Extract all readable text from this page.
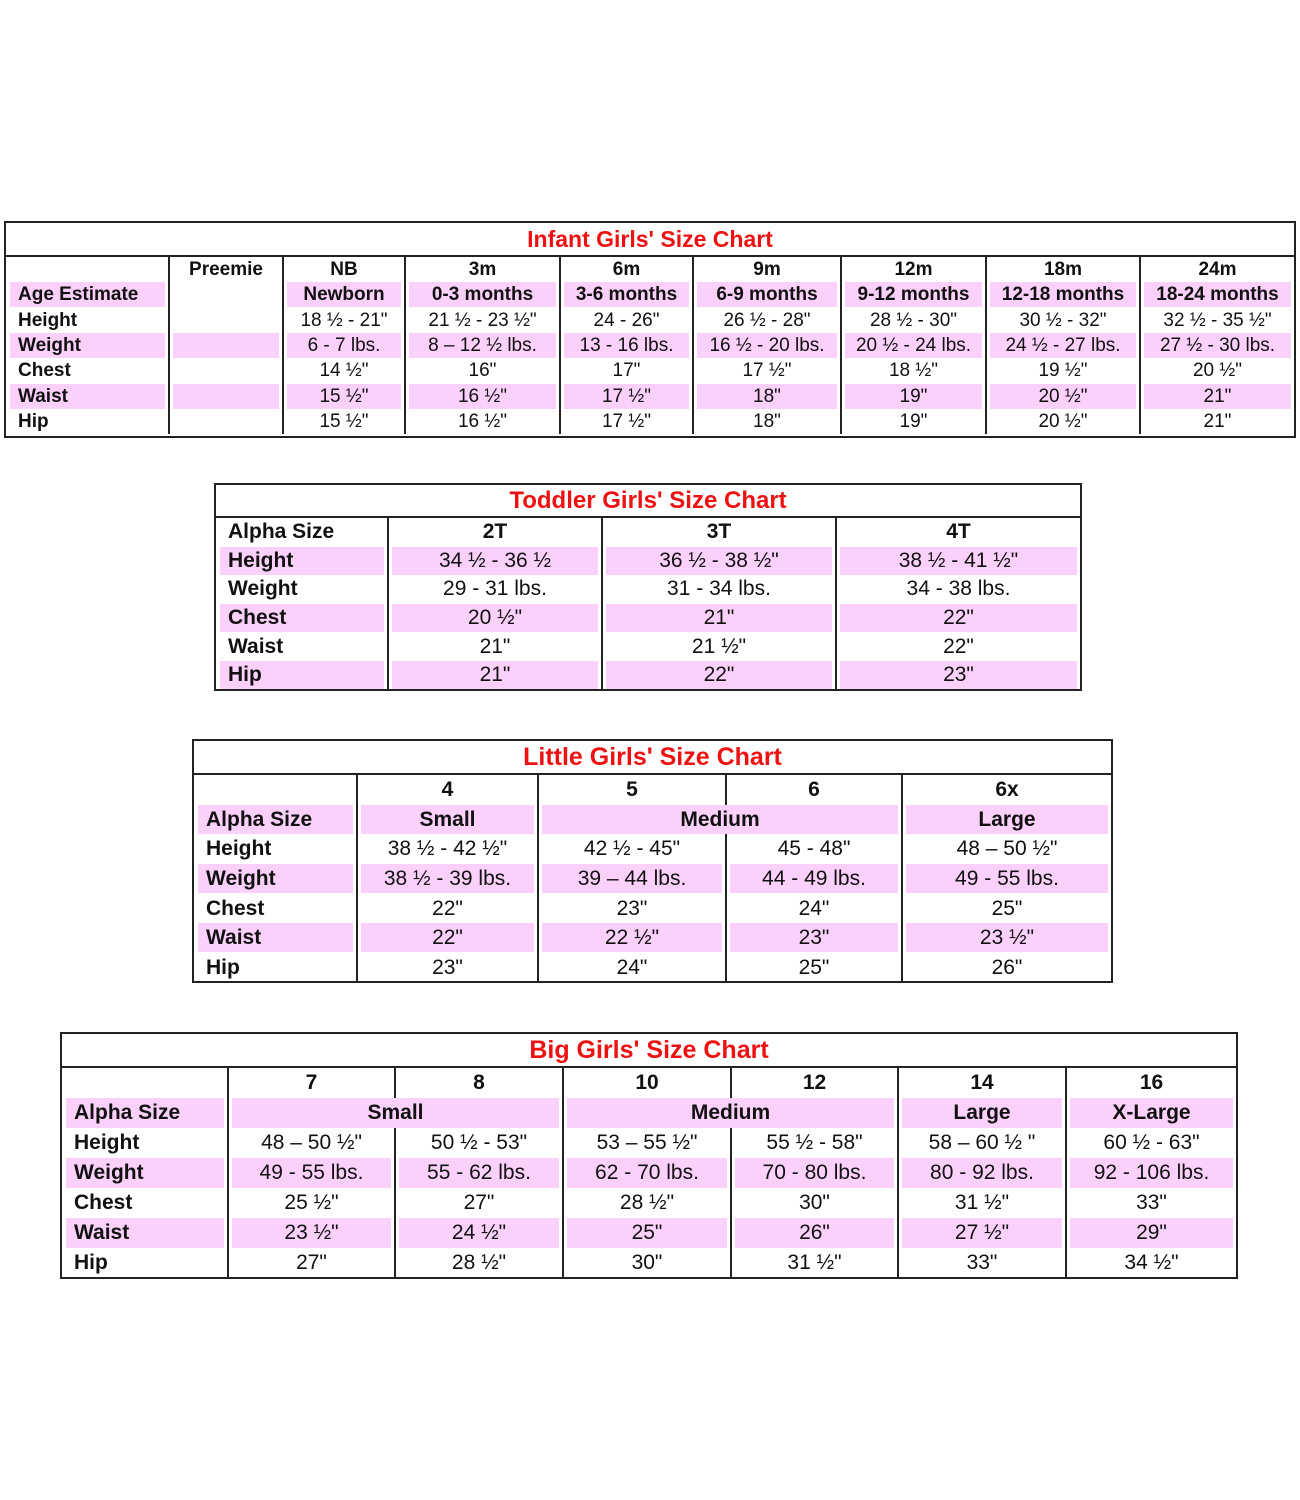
Infant Girls' Size Chart
	Preemie	NB	3m	6m	9m	12m	18m	24m

Age Estimate		Newborn	0-3 months	3-6 months	6-9 months	9-12 months	12-18 months	18-24 months

Height		18 ½ - 21"	21 ½ - 23 ½"	24 - 26"	26 ½ - 28"	28 ½ - 30"	30 ½ - 32"	32 ½ - 35 ½"

Weight		6 - 7 lbs.	8 – 12 ½ lbs.	13 - 16 lbs.	16 ½ - 20 lbs.	20 ½ - 24 lbs.	24 ½ - 27 lbs.	27 ½ - 30 lbs.

Chest		14 ½"	16"	17"	17 ½"	18 ½"	19 ½"	20 ½"

Waist		15 ½"	16 ½"	17 ½"	18"	19"	20 ½"	21"

Hip		15 ½"	16 ½"	17 ½"	18"	19"	20 ½"	21"
Toddler Girls' Size Chart
Alpha Size	2T	3T	4T

Height	34 ½ - 36 ½	36 ½ - 38 ½"	38 ½ - 41 ½"

Weight	29 - 31 lbs.	31 - 34 lbs.	34 - 38 lbs.

Chest	20 ½"	21"	22"

Waist	21"	21 ½"	22"

Hip	21"	22"	23"
Little Girls' Size Chart
	4	5	6	6x

Alpha Size	Small	Medium		Large

Height	38 ½ - 42 ½"	42 ½ - 45"	45 - 48"	48 – 50 ½"

Weight	38 ½ - 39 lbs.	39 – 44 lbs.	44 - 49 lbs.	49 - 55 lbs.

Chest	22"	23"	24"	25"

Waist	22"	22 ½"	23"	23 ½"

Hip	23"	24"	25"	26"
Big Girls' Size Chart
	7	8	10	12	14	16

Alpha Size	Small		Medium		Large	X-Large

Height	48 – 50 ½"	50 ½ - 53"	53 – 55 ½"	55 ½ - 58"	58 – 60 ½ "	60 ½ - 63"

Weight	49 - 55 lbs.	55 - 62 lbs.	62 - 70 lbs.	70 - 80 lbs.	80 - 92 lbs.	92 - 106 lbs.

Chest	25 ½"	27"	28 ½"	30"	31 ½"	33"

Waist	23 ½"	24 ½"	25"	26"	27 ½"	29"

Hip	27"	28 ½"	30"	31 ½"	33"	34 ½"
